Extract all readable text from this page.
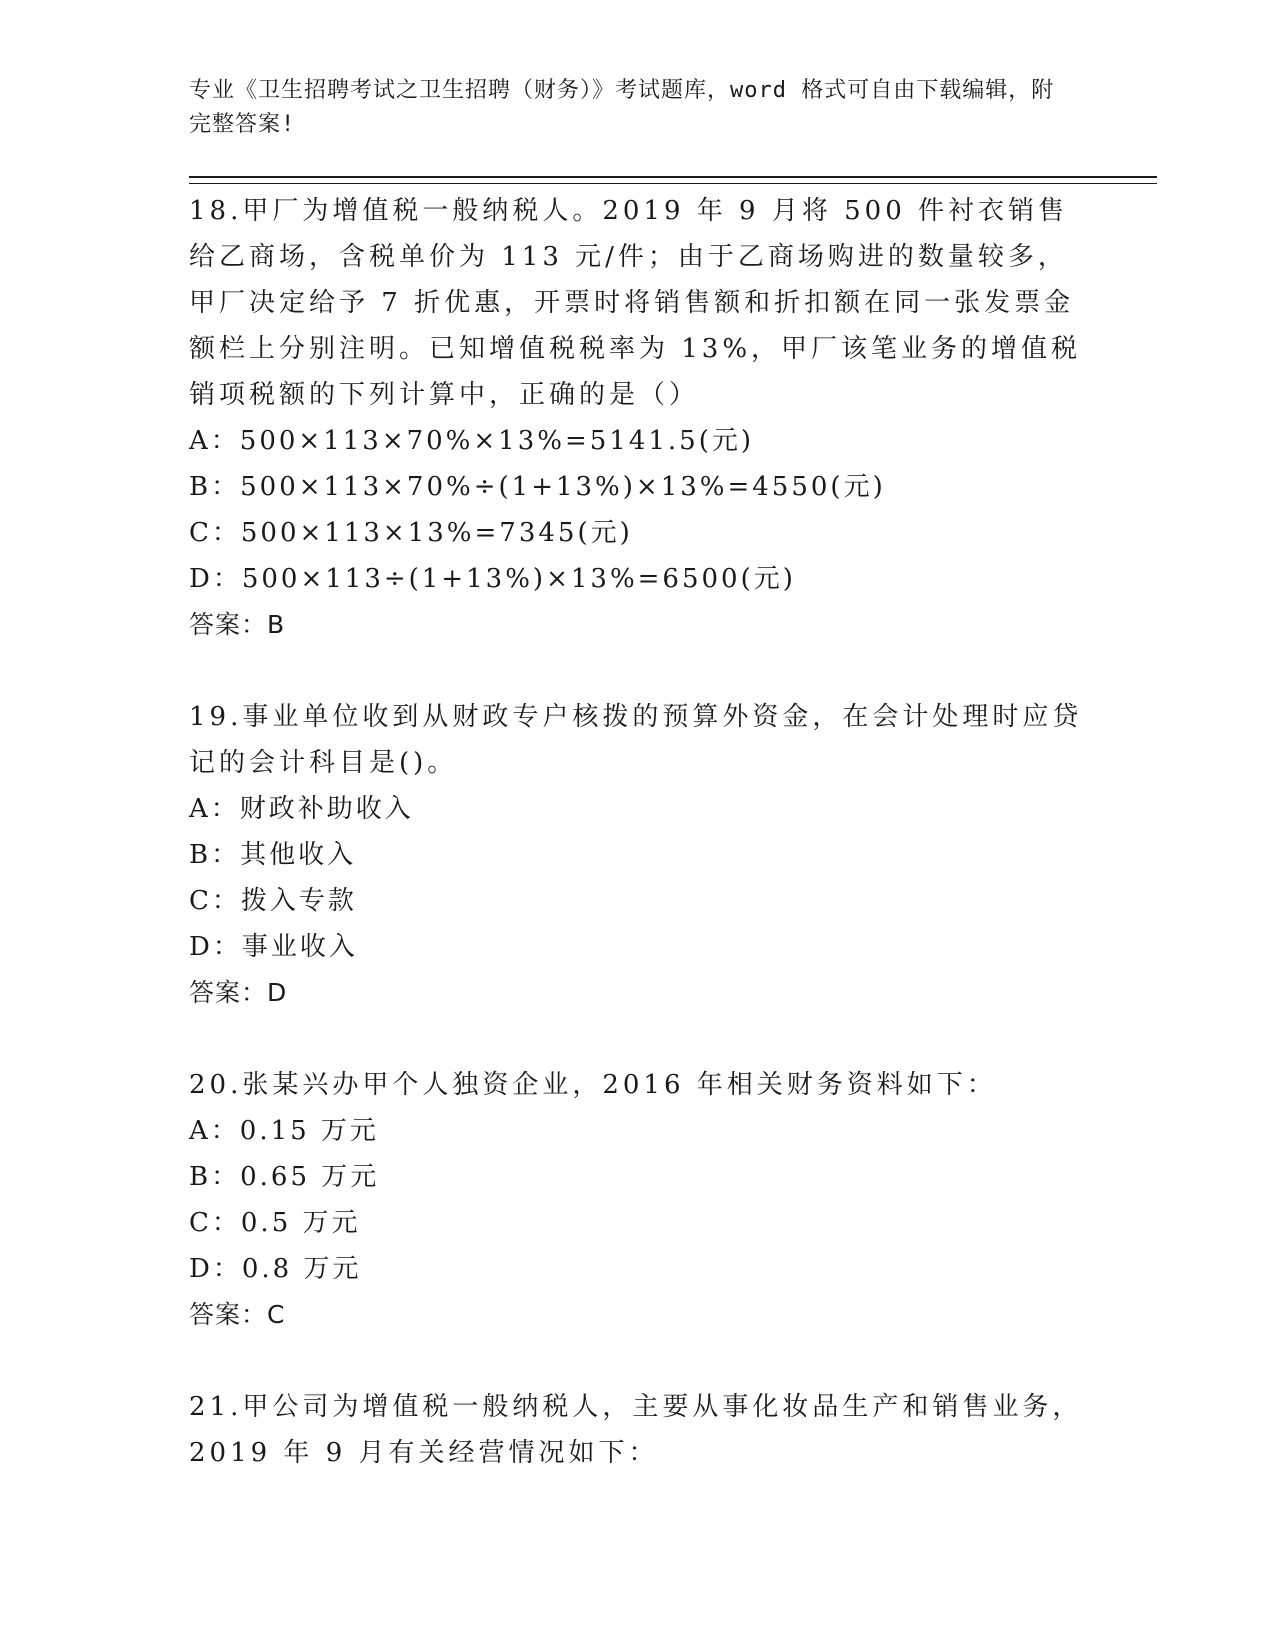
专业《卫生招聘考试之卫生招聘（财务）》考试题库，word 格式可自由下载编辑，附完整答案!
18.甲厂为增值税一般纳税人。2019 年 9 月将 500 件衬衣销售给乙商场，含税单价为 113 元/件；由于乙商场购进的数量较多，甲厂决定给予 7 折优惠，开票时将销售额和折扣额在同一张发票金额栏上分别注明。已知增值税税率为 13%，甲厂该笔业务的增值税销项税额的下列计算中，正确的是（）
A：500×113×70%×13%=5141.5(元)
B：500×113×70%÷(1+13%)×13%=4550(元)
C：500×113×13%=7345(元)
D：500×113÷(1+13%)×13%=6500(元)
答案：B
19.事业单位收到从财政专户核拨的预算外资金，在会计处理时应贷记的会计科目是()。
A：财政补助收入
B：其他收入
C：拨入专款
D：事业收入
答案：D
20.张某兴办甲个人独资企业，2016 年相关财务资料如下：
A：0.15 万元
B：0.65 万元
C：0.5 万元
D：0.8 万元
答案：C
21.甲公司为增值税一般纳税人，主要从事化妆品生产和销售业务，2019 年 9 月有关经营情况如下：
